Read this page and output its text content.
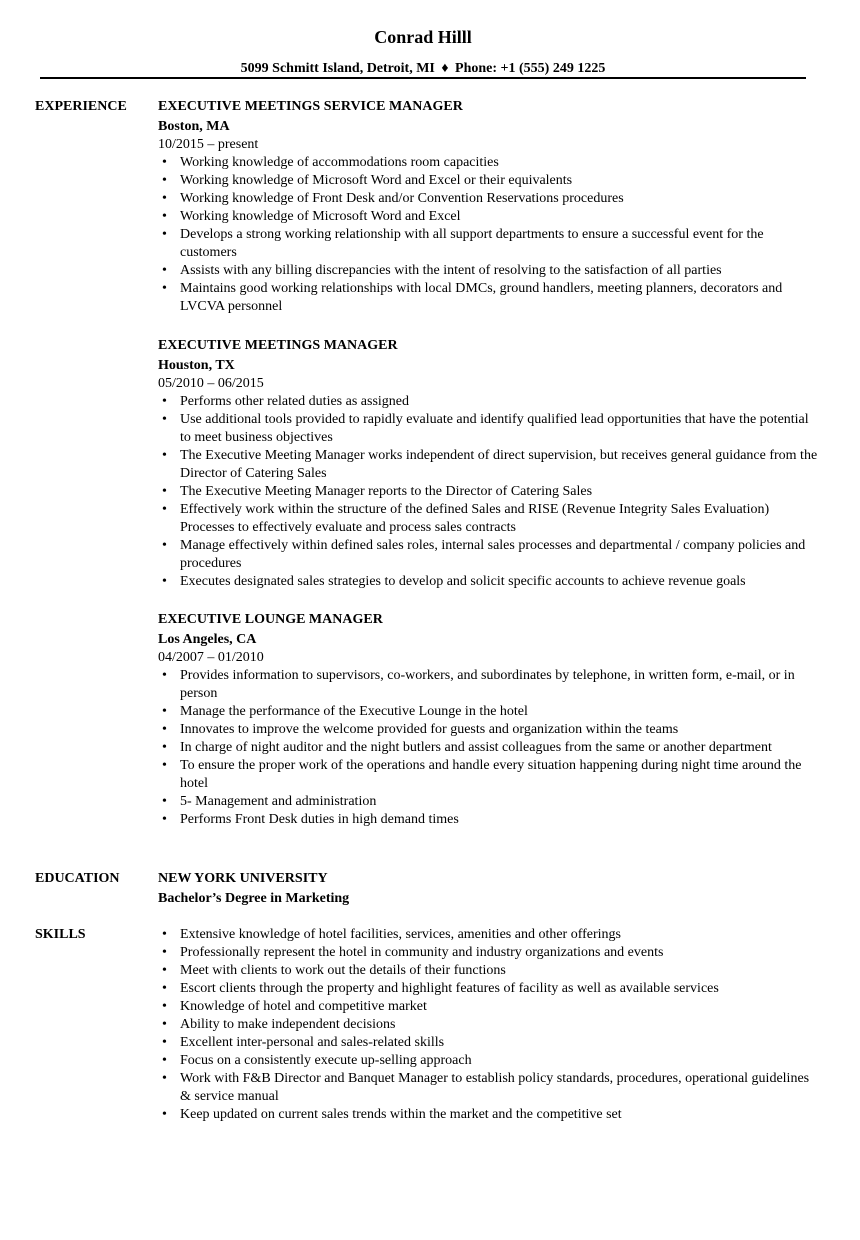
Conrad Hilll
5099 Schmitt Island, Detroit, MI ♦ Phone: +1 (555) 249 1225
EXPERIENCE EXECUTIVE MEETINGS SERVICE MANAGER
Boston, MA
10/2015 – present
• Working knowledge of accommodations room capacities
• Working knowledge of Microsoft Word and Excel or their equivalents
• Working knowledge of Front Desk and/or Convention Reservations procedures
• Working knowledge of Microsoft Word and Excel
• Develops a strong working relationship with all support departments to ensure a successful event for the customers
• Assists with any billing discrepancies with the intent of resolving to the satisfaction of all parties
• Maintains good working relationships with local DMCs, ground handlers, meeting planners, decorators and LVCVA personnel
EXECUTIVE MEETINGS MANAGER
Houston, TX
05/2010 – 06/2015
• Performs other related duties as assigned
• Use additional tools provided to rapidly evaluate and identify qualified lead opportunities that have the potential to meet business objectives
• The Executive Meeting Manager works independent of direct supervision, but receives general guidance from the Director of Catering Sales
• The Executive Meeting Manager reports to the Director of Catering Sales
• Effectively work within the structure of the defined Sales and RISE (Revenue Integrity Sales Evaluation) Processes to effectively evaluate and process sales contracts
• Manage effectively within defined sales roles, internal sales processes and departmental / company policies and procedures
• Executes designated sales strategies to develop and solicit specific accounts to achieve revenue goals
EXECUTIVE LOUNGE MANAGER
Los Angeles, CA
04/2007 – 01/2010
• Provides information to supervisors, co-workers, and subordinates by telephone, in written form, e-mail, or in person
• Manage the performance of the Executive Lounge in the hotel
• Innovates to improve the welcome provided for guests and organization within the teams
• In charge of night auditor and the night butlers and assist colleagues from the same or another department
• To ensure the proper work of the operations and handle every situation happening during night time around the hotel
• 5- Management and administration
• Performs Front Desk duties in high demand times
EDUCATION	NEW YORK UNIVERSITY
Bachelor’s Degree in Marketing
SKILLS
•	Extensive knowledge of hotel facilities, services, amenities and other offerings
• Professionally represent the hotel in community and industry organizations and events
• Meet with clients to work out the details of their functions
• Escort clients through the property and highlight features of facility as well as available services
• Knowledge of hotel and competitive market
• Ability to make independent decisions
• Excellent inter-personal and sales-related skills
• Focus on a consistently execute up-selling approach
• Work with F&B Director and Banquet Manager to establish policy standards, procedures, operational guidelines & service manual
• Keep updated on current sales trends within the market and the competitive set
